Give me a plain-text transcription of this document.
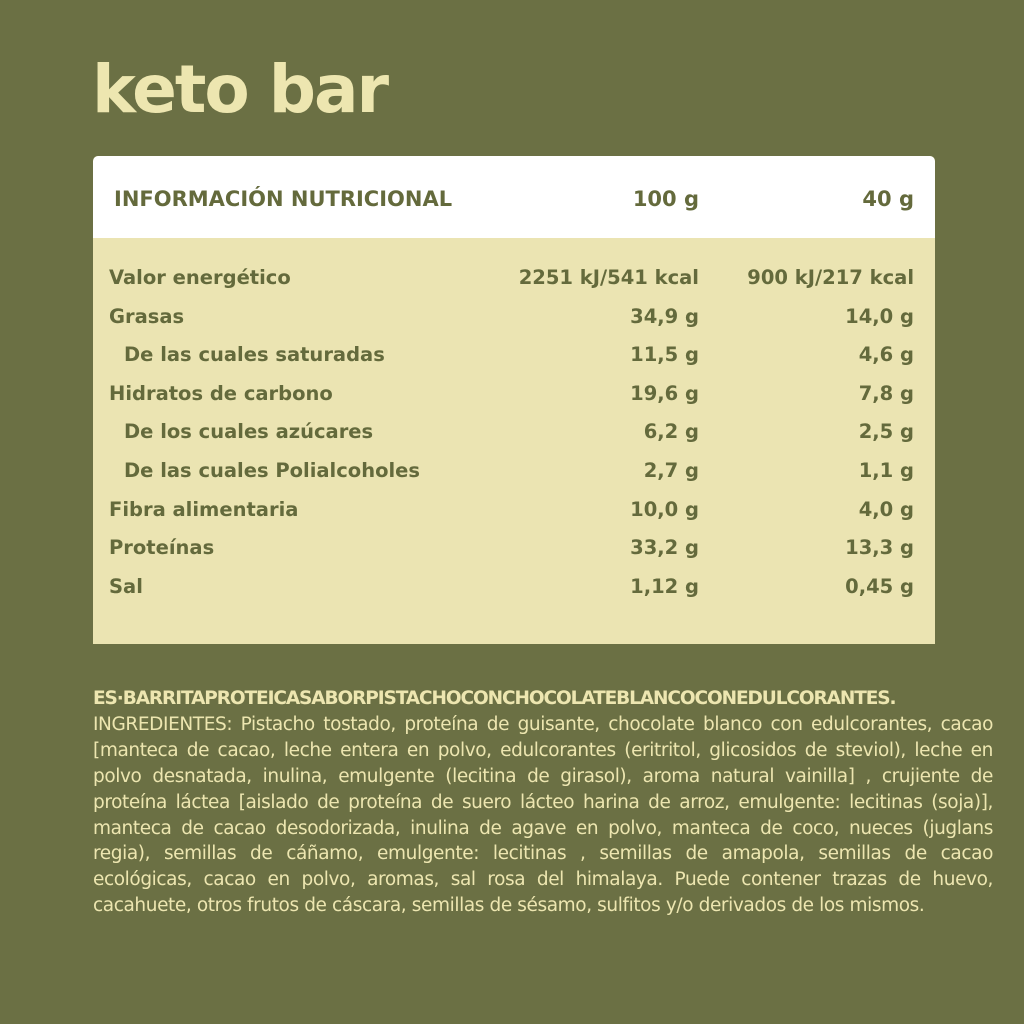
keto bar
INFORMACIÓN NUTRICIONAL	100 g	40 g
Valor energético	2251 kJ/541 kcal 900 kJ/217 kcal
Grasas	34,9 g	14,0 g
De las cuales saturadas	11,5 g	4,6 g
Hidratos de carbono	19,6 g	7,8 g
De los cuales azúcares	6,2 g	2,5 g
De las cuales Polialcoholes	2,7 g	1,1 g
Fibra alimentaria	10,0 g	4,0 g
Proteínas	33,2 g	13,3 g
Sal	1,12 g	0,45 g
ES·BARRITAPROTEICASABORPISTACHOCONCHOCOLATEBLANCOCONEDULCORANTES.

INGREDIENTES: Pistacho tostado, proteína de guisante, chocolate blanco con edulcorantes, cacao [manteca de cacao, leche entera en polvo, edulcorantes (eritritol, glicosidos de steviol), leche en polvo desnatada, inulina, emulgente (lecitina de girasol), aroma natural vainilla] , crujiente de proteína láctea [aislado de proteína de suero lácteo harina de arroz, emulgente: lecitinas (soja)], manteca de cacao desodorizada, inulina de agave en polvo, manteca de coco, nueces (juglans regia), semillas de cáñamo, emulgente: lecitinas , semillas de amapola, semillas de cacao ecológicas, cacao en polvo, aromas, sal rosa del himalaya. Puede contener trazas de huevo, cacahuete, otros frutos de cáscara, semillas de sésamo, sulfitos y/o derivados de los mismos.
